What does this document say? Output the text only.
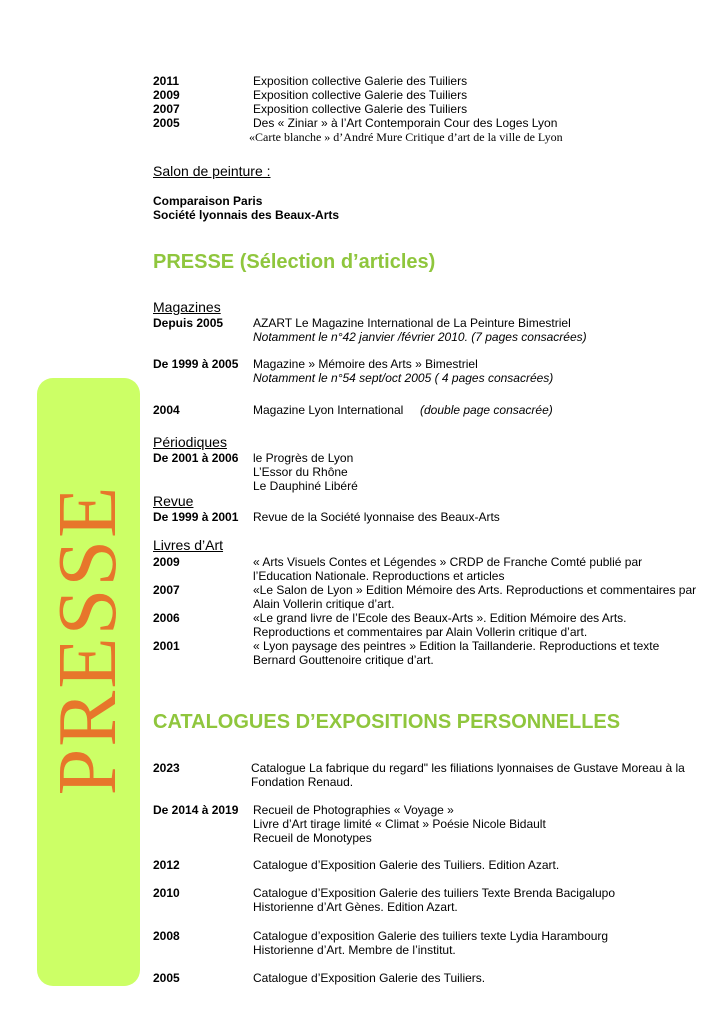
PRESSE
2011	Exposition collective Galerie des Tuiliers
2009	Exposition collective Galerie des Tuiliers
2007	Exposition collective Galerie des Tuiliers
2005	Des « Ziniar » à l’Art Contemporain Cour des Loges Lyon
«Carte blanche » d’André Mure Critique d’art de la ville de Lyon
Salon de peinture :
Comparaison Paris
Société lyonnais des Beaux-Arts
PRESSE (Sélection d’articles)
Magazines
Depuis 2005 AZART Le Magazine International de La Peinture Bimestriel
Notamment le n°42 janvier /février 2010. (7 pages consacrées)
De 1999 à 2005 Magazine » Mémoire des Arts » Bimestriel
Notamment le n°54 sept/oct 2005 ( 4 pages consacrées)
2004	Magazine Lyon International (double page consacrée)
Périodiques
De 2001 à 2006 le Progrès de Lyon
L’Essor du Rhône
Le Dauphiné Libéré
Revue
De 1999 à 2001 Revue de la Société lyonnaise des Beaux-Arts
Livres d’Art
2009	« Arts Visuels Contes et Légendes » CRDP de Franche Comté publié par
l’Education Nationale. Reproductions et articles
2007	«Le Salon de Lyon » Edition Mémoire des Arts. Reproductions et commentaires par
Alain Vollerin critique d’art.
2006	«Le grand livre de l’Ecole des Beaux-Arts ». Edition Mémoire des Arts.
Reproductions et commentaires par Alain Vollerin critique d’art.
2001	« Lyon paysage des peintres » Edition la Taillanderie. Reproductions et texte
Bernard Gouttenoire critique d’art.
CATALOGUES D’EXPOSITIONS PERSONNELLES
2023	Catalogue La fabrique du regard" les filiations lyonnaises de Gustave Moreau à la
Fondation Renaud.
De 2014 à 2019 Recueil de Photographies « Voyage »
Livre d’Art tirage limité « Climat » Poésie Nicole Bidault
Recueil de Monotypes
2012	Catalogue d’Exposition Galerie des Tuiliers. Edition Azart.
2010	Catalogue d’Exposition Galerie des tuiliers Texte Brenda Bacigalupo
Historienne d’Art Gènes. Edition Azart.
2008	Catalogue d’exposition Galerie des tuiliers texte Lydia Harambourg
Historienne d’Art. Membre de l’institut.
2005	Catalogue d’Exposition Galerie des Tuiliers.
